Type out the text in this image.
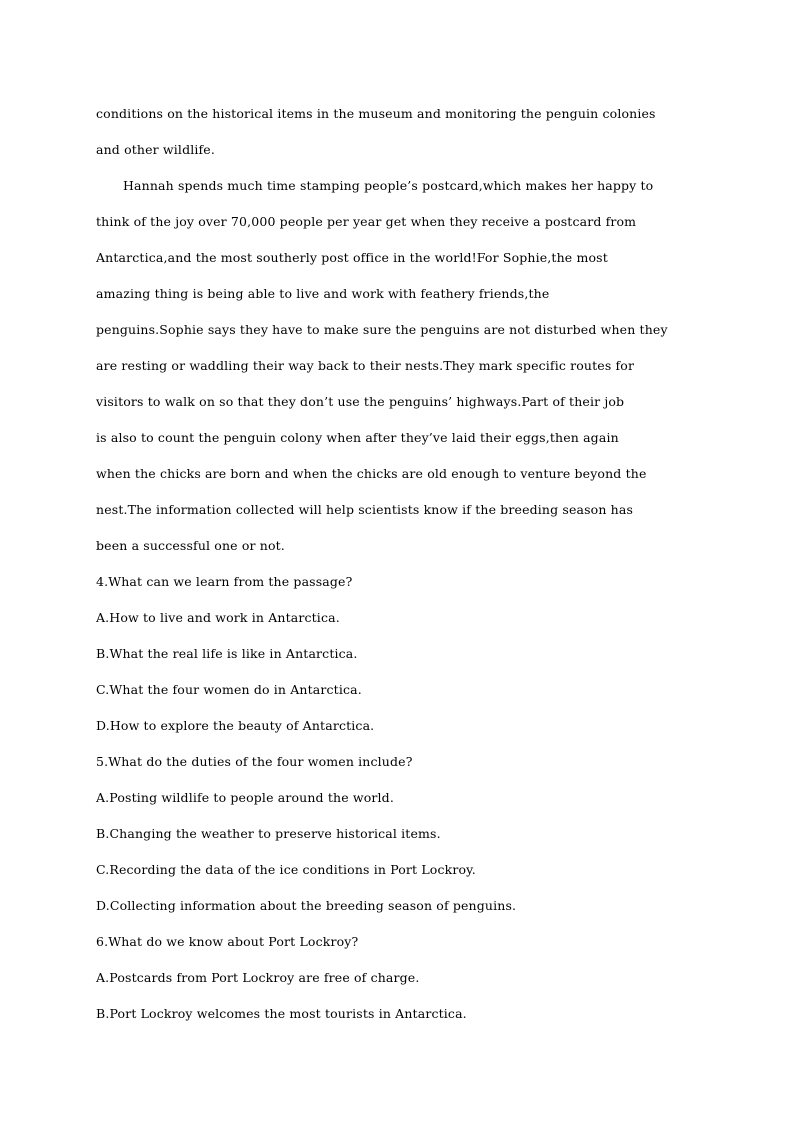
conditions on the historical items in the museum and monitoring the penguin colonies
and other wildlife.
Hannah spends much time stamping people’s postcard,which makes her happy to
think of the joy over 70,000 people per year get when they receive a postcard from
Antarctica,and the most southerly post office in the world!For Sophie,the most
amazing thing is being able to live and work with feathery friends,the
penguins.Sophie says they have to make sure the penguins are not disturbed when they
are resting or waddling their way back to their nests.They mark specific routes for
visitors to walk on so that they don’t use the penguins’ highways.Part of their job
is also to count the penguin colony when after they’ve laid their eggs,then again
when the chicks are born and when the chicks are old enough to venture beyond the
nest.The information collected will help scientists know if the breeding season has
been a successful one or not.
4.What can we learn from the passage?
A.How to live and work in Antarctica.
B.What the real life is like in Antarctica.
C.What the four women do in Antarctica.
D.How to explore the beauty of Antarctica.
5.What do the duties of the four women include?
A.Posting wildlife to people around the world.
B.Changing the weather to preserve historical items.
C.Recording the data of the ice conditions in Port Lockroy.
D.Collecting information about the breeding season of penguins.
6.What do we know about Port Lockroy?
A.Postcards from Port Lockroy are free of charge.
B.Port Lockroy welcomes the most tourists in Antarctica.
